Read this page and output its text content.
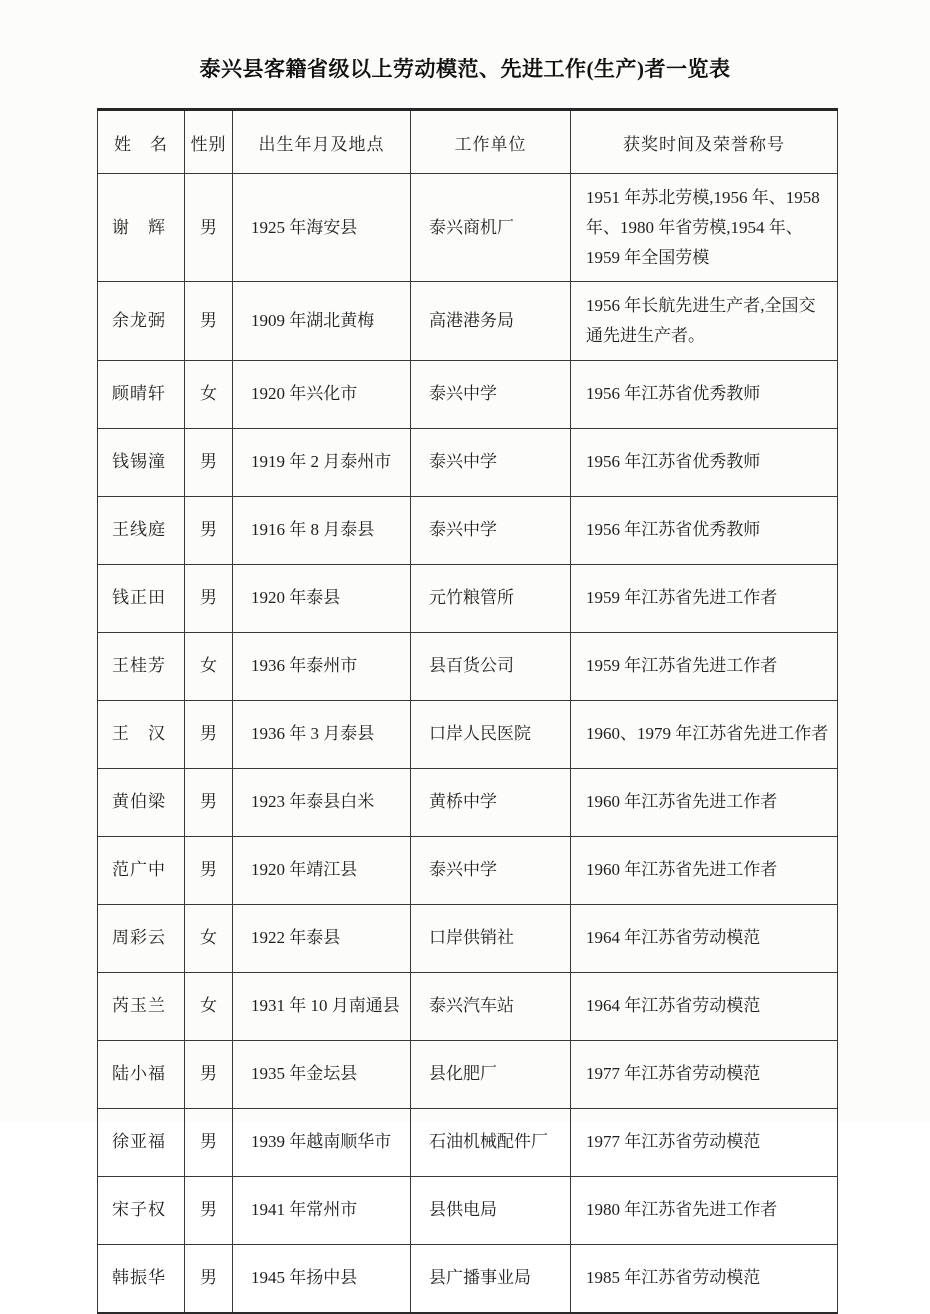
泰兴县客籍省级以上劳动模范、先进工作(生产)者一览表
姓　名	性别	出生年月及地点	工作单位	获奖时间及荣誉称号
谢　辉	男	1925 年海安县	泰兴商机厂	1951 年苏北劳模,1956 年、1958 年、1980 年省劳模,1954 年、1959 年全国劳模
余龙弼	男	1909 年湖北黄梅	高港港务局	1956 年长航先进生产者,全国交通先进生产者。
顾晴轩	女	1920 年兴化市	泰兴中学	1956 年江苏省优秀教师
钱锡潼	男	1919 年 2 月泰州市	泰兴中学	1956 年江苏省优秀教师
王线庭	男	1916 年 8 月泰县	泰兴中学	1956 年江苏省优秀教师
钱正田	男	1920 年泰县	元竹粮管所	1959 年江苏省先进工作者
王桂芳	女	1936 年泰州市	县百货公司	1959 年江苏省先进工作者
王　汉	男	1936 年 3 月泰县	口岸人民医院	1960、1979 年江苏省先进工作者
黄伯梁	男	1923 年泰县白米	黄桥中学	1960 年江苏省先进工作者
范广中	男	1920 年靖江县	泰兴中学	1960 年江苏省先进工作者
周彩云	女	1922 年泰县	口岸供销社	1964 年江苏省劳动模范
芮玉兰	女	1931 年 10 月南通县	泰兴汽车站	1964 年江苏省劳动模范
陆小福	男	1935 年金坛县	县化肥厂	1977 年江苏省劳动模范
徐亚福	男	1939 年越南顺华市	石油机械配件厂	1977 年江苏省劳动模范
宋子权	男	1941 年常州市	县供电局	1980 年江苏省先进工作者
韩振华	男	1945 年扬中县	县广播事业局	1985 年江苏省劳动模范
